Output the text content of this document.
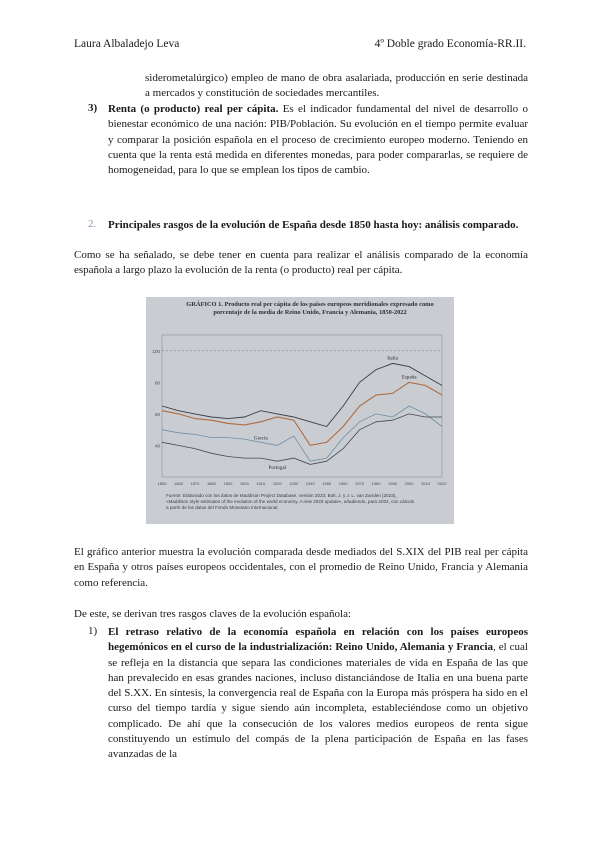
Laura Albaladejo Leva	4º Doble grado Economía-RR.II.
siderometalúrgico) empleo de mano de obra asalariada, producción en serie destinada a mercados y constitución de sociedades mercantiles.
3) Renta (o producto) real per cápita. Es el indicador fundamental del nivel de desarrollo o bienestar económico de una nación: PIB/Población. Su evolución en el tiempo permite evaluar y comparar la posición española en el proceso de crecimiento europeo moderno. Teniendo en cuenta que la renta está medida en diferentes monedas, para poder compararlas, se requiere de homogeneidad, para lo que se emplean los tipos de cambio.
2. Principales rasgos de la evolución de España desde 1850 hasta hoy: análisis comparado.
Como se ha señalado, se debe tener en cuenta para realizar el análisis comparado de la economía española a largo plazo la evolución de la renta (o producto) real per cápita.
GRÁFICO 1. Producto real per cápita de los países europeos meridionales expresado como porcentaje de la media de Reino Unido, Francia y Alemania, 1850-2022
100
80
60
40
1850 1860 1870 1880 1890 1900 1910 1920 1930 1940 1950 1960 1970 1980 1990 2000 2010 2020
Italia
España
Grecia
Portugal
Fuente: Elaborado con los datos de Maddison Project Database, versión 2023; Bolt, J. y J. L. van Zanden (2023), «Maddison style estimates of the evolution of the world economy. A new 2023 update», añadiendo, para 2022, con cálculo a partir de los datos del Fondo Monetario Internacional.
El gráfico anterior muestra la evolución comparada desde mediados del S.XIX del PIB real per cápita en España y otros países europeos occidentales, con el promedio de Reino Unido, Francia y Alemania como referencia.
De este, se derivan tres rasgos claves de la evolución española:
1) El retraso relativo de la economía española en relación con los países europeos hegemónicos en el curso de la industrialización: Reino Unido, Alemania y Francia, el cual se refleja en la distancia que separa las condiciones materiales de vida en España de las que han prevalecido en esas grandes naciones, incluso distanciándose de Italia en una buena parte del S.XX. En síntesis, la convergencia real de España con la Europa más próspera ha sido en el curso del tiempo tardía y sigue siendo aún incompleta, estableciéndose como un objetivo complicado. De ahí que la consecución de los valores medios europeos de renta sigue constituyendo un estímulo del compás de la plena participación de España en las fases avanzadas de la
